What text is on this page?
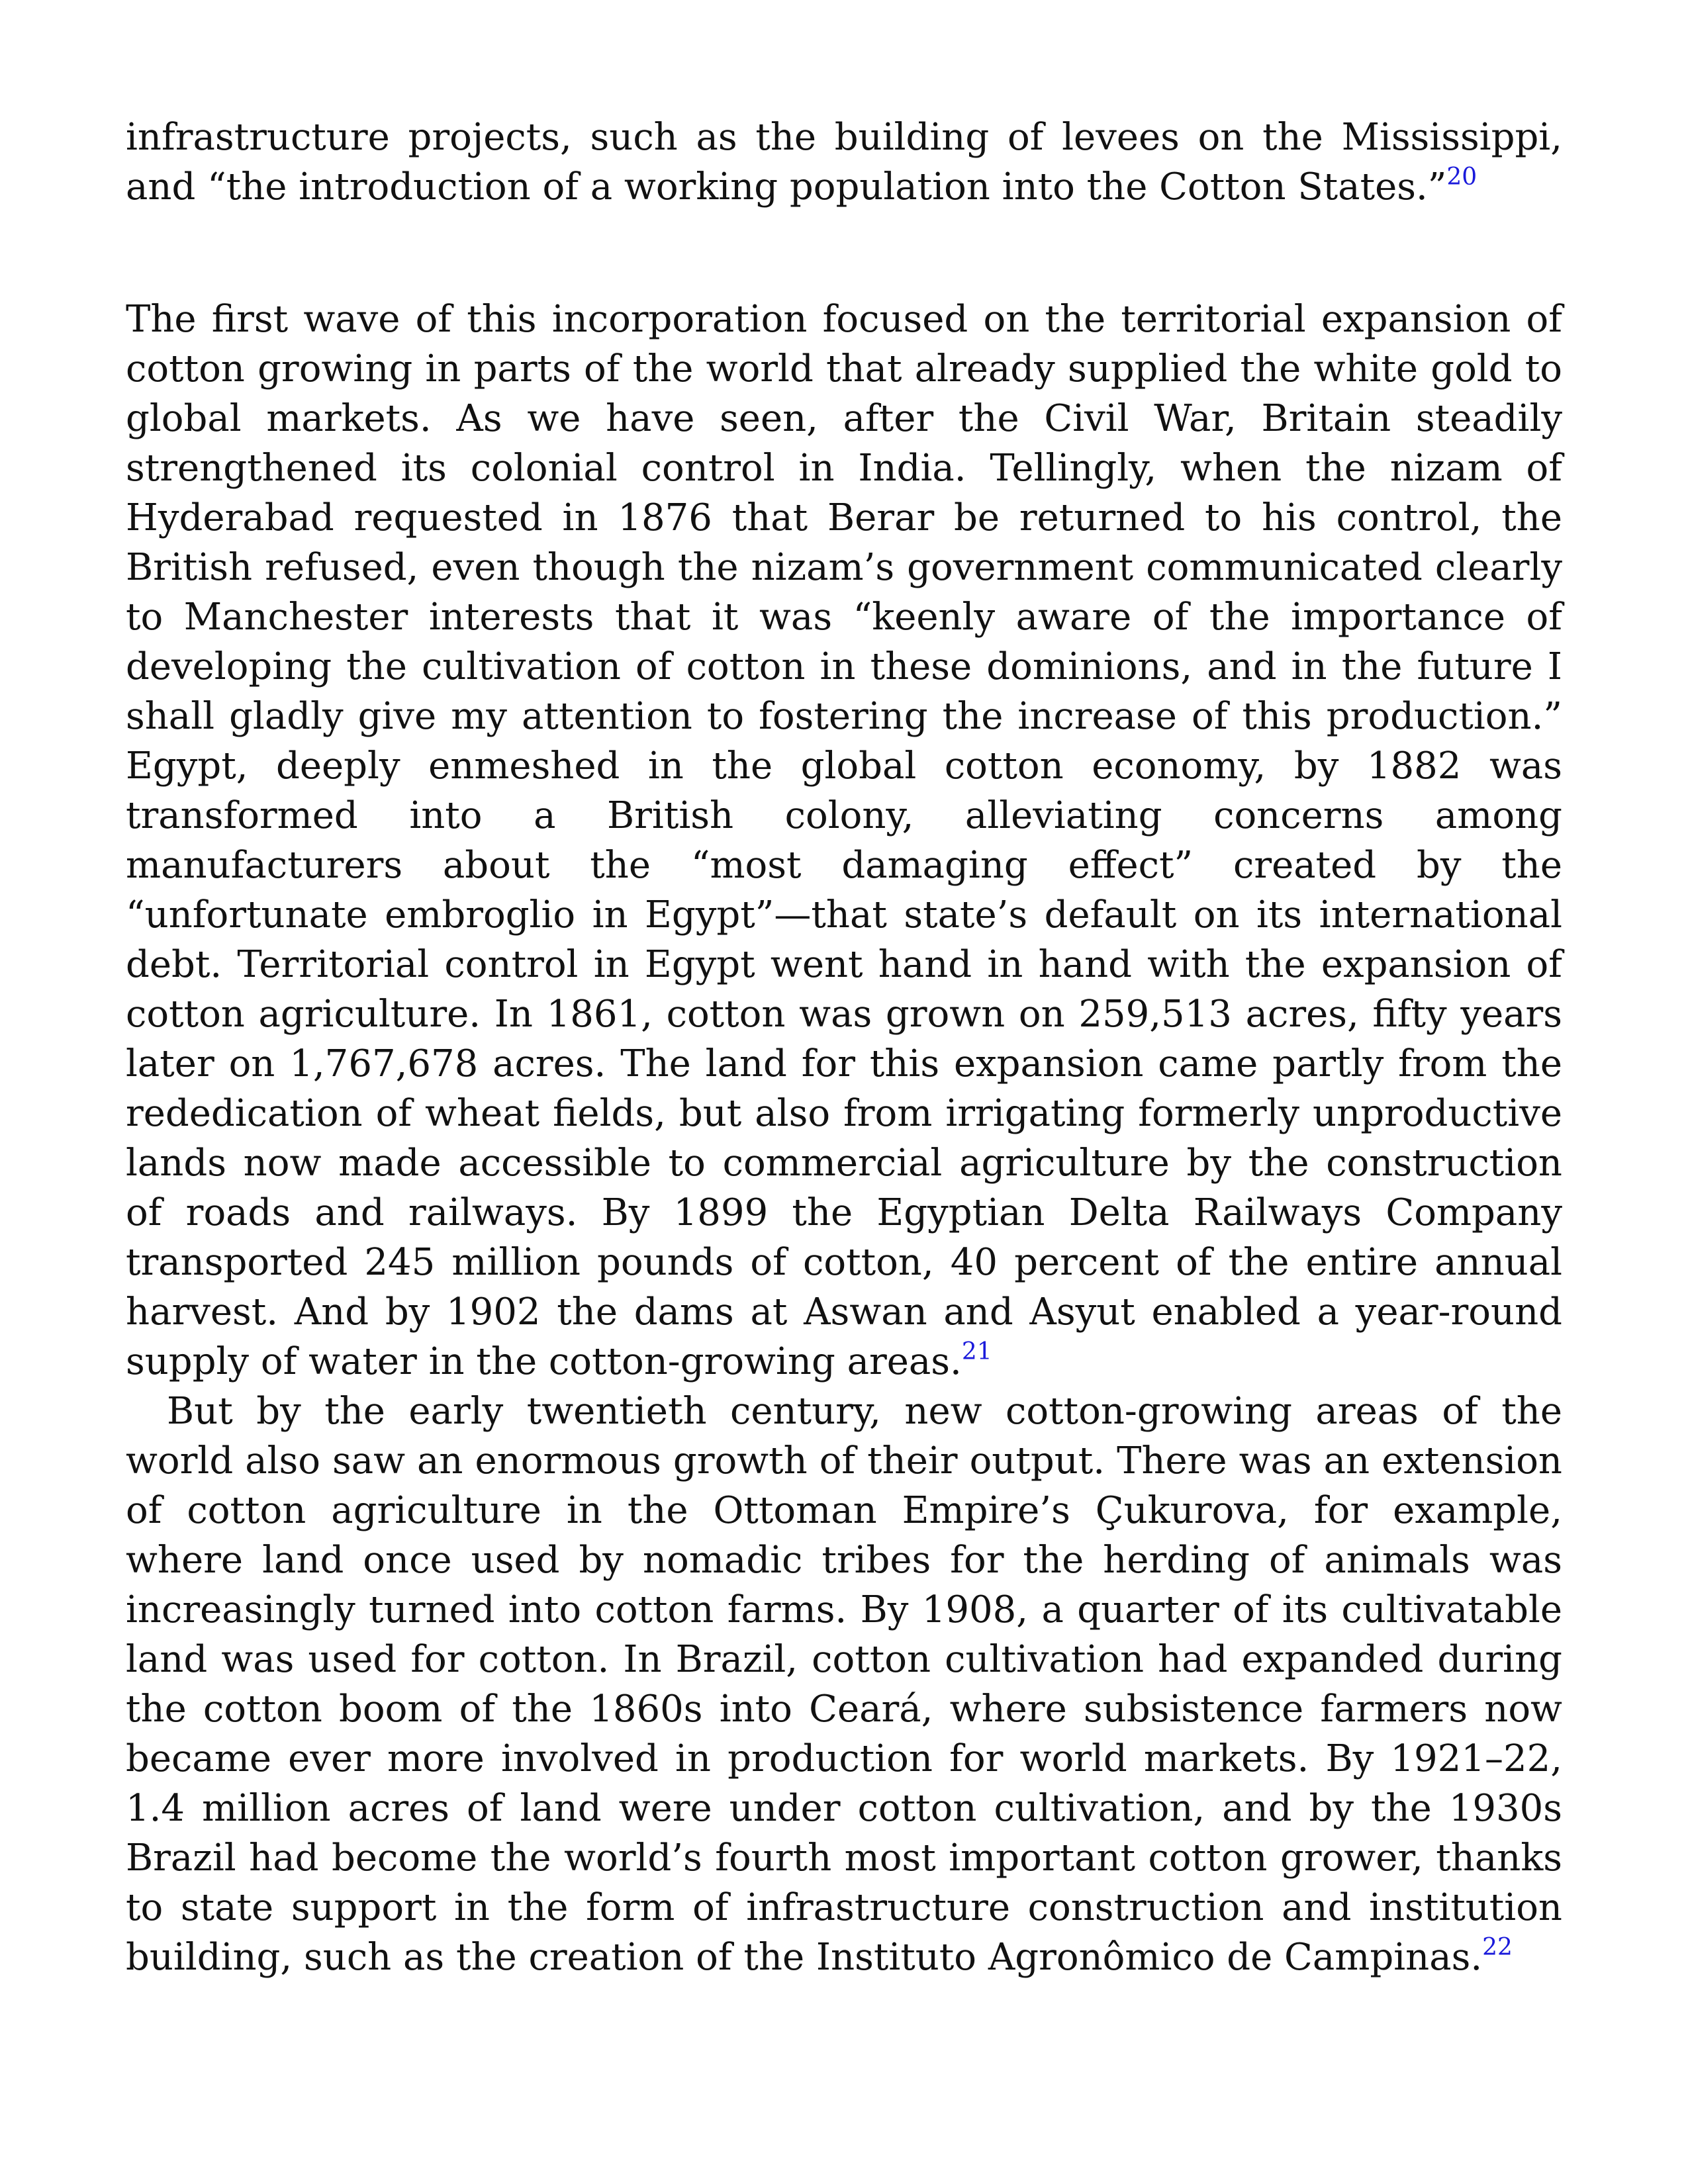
infrastructure projects, such as the building of levees on the Mississippi, and “the introduction of a working population into the Cotton States.”$^{20}$

The first wave of this incorporation focused on the territorial expansion of cotton growing in parts of the world that already supplied the white gold to global markets. As we have seen, after the Civil War, Britain steadily strengthened its colonial control in India. Tellingly, when the nizam of Hyderabad requested in 1876 that Berar be returned to his control, the British refused, even though the nizam’s government communicated clearly to Manchester interests that it was “keenly aware of the importance of developing the cultivation of cotton in these dominions, and in the future I shall gladly give my attention to fostering the increase of this production.” Egypt, deeply enmeshed in the global cotton economy, by 1882 was transformed into a British colony, alleviating concerns among manufacturers about the “most damaging effect” created by the “unfortunate embroglio in Egypt”—that state’s default on its international debt. Territorial control in Egypt went hand in hand with the expansion of cotton agriculture. In 1861, cotton was grown on 259,513 acres, fifty years later on 1,767,678 acres. The land for this expansion came partly from the rededication of wheat fields, but also from irrigating formerly unproductive lands now made accessible to commercial agriculture by the construction of roads and railways. By 1899 the Egyptian Delta Railways Company transported 245 million pounds of cotton, 40 percent of the entire annual harvest. And by 1902 the dams at Aswan and Asyut enabled a year-round supply of water in the cotton-growing areas.$^{21}$

But by the early twentieth century, new cotton-growing areas of the world also saw an enormous growth of their output. There was an extension of cotton agriculture in the Ottoman Empire’s Çukurova, for example, where land once used by nomadic tribes for the herding of animals was increasingly turned into cotton farms. By 1908, a quarter of its cultivatable land was used for cotton. In Brazil, cotton cultivation had expanded during the cotton boom of the 1860s into Ceará, where subsistence farmers now became ever more involved in production for world markets. By 1921–22, 1.4 million acres of land were under cotton cultivation, and by the 1930s Brazil had become the world’s fourth most important cotton grower, thanks to state support in the form of infrastructure construction and institution building, such as the creation of the Instituto Agronômico de Campinas.$^{22}$
